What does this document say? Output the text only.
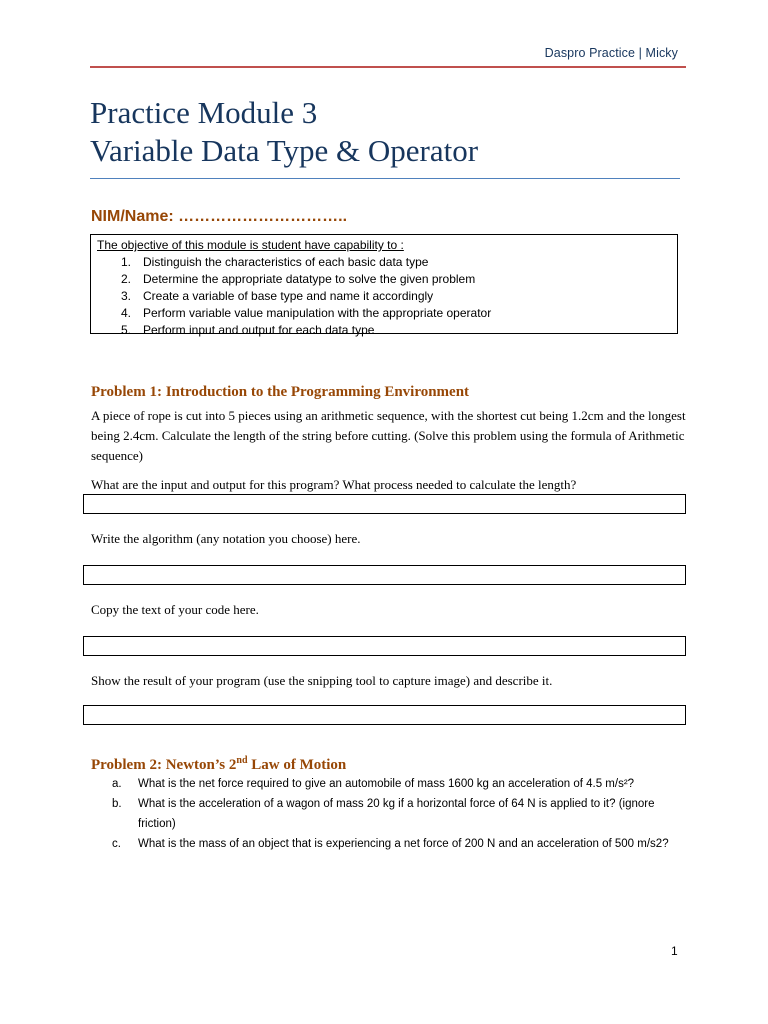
Daspro Practice | Micky
Practice Module 3
Variable Data Type & Operator
NIM/Name: …………………………..
The objective of this module is student have capability to :
1. Distinguish the characteristics of each basic data type
2. Determine the appropriate datatype to solve the given problem
3. Create a variable of base type and name it accordingly
4. Perform variable value manipulation with the appropriate operator
5. Perform input and output for each data type
Problem 1: Introduction to the Programming Environment
A piece of rope is cut into 5 pieces using an arithmetic sequence, with the shortest cut being 1.2cm and the longest being 2.4cm. Calculate the length of the string before cutting. (Solve this problem using the formula of Arithmetic sequence)
What are the input and output for this program? What process needed to calculate the length?
Write the algorithm (any notation you choose) here.
Copy the text of your code here.
Show the result of your program (use the snipping tool to capture image) and describe it.
Problem 2: Newton’s 2nd Law of Motion
a. What is the net force required to give an automobile of mass 1600 kg an acceleration of 4.5 m/s²?
b. What is the acceleration of a wagon of mass 20 kg if a horizontal force of 64 N is applied to it? (ignore friction)
c. What is the mass of an object that is experiencing a net force of 200 N and an acceleration of 500 m/s2?
1
